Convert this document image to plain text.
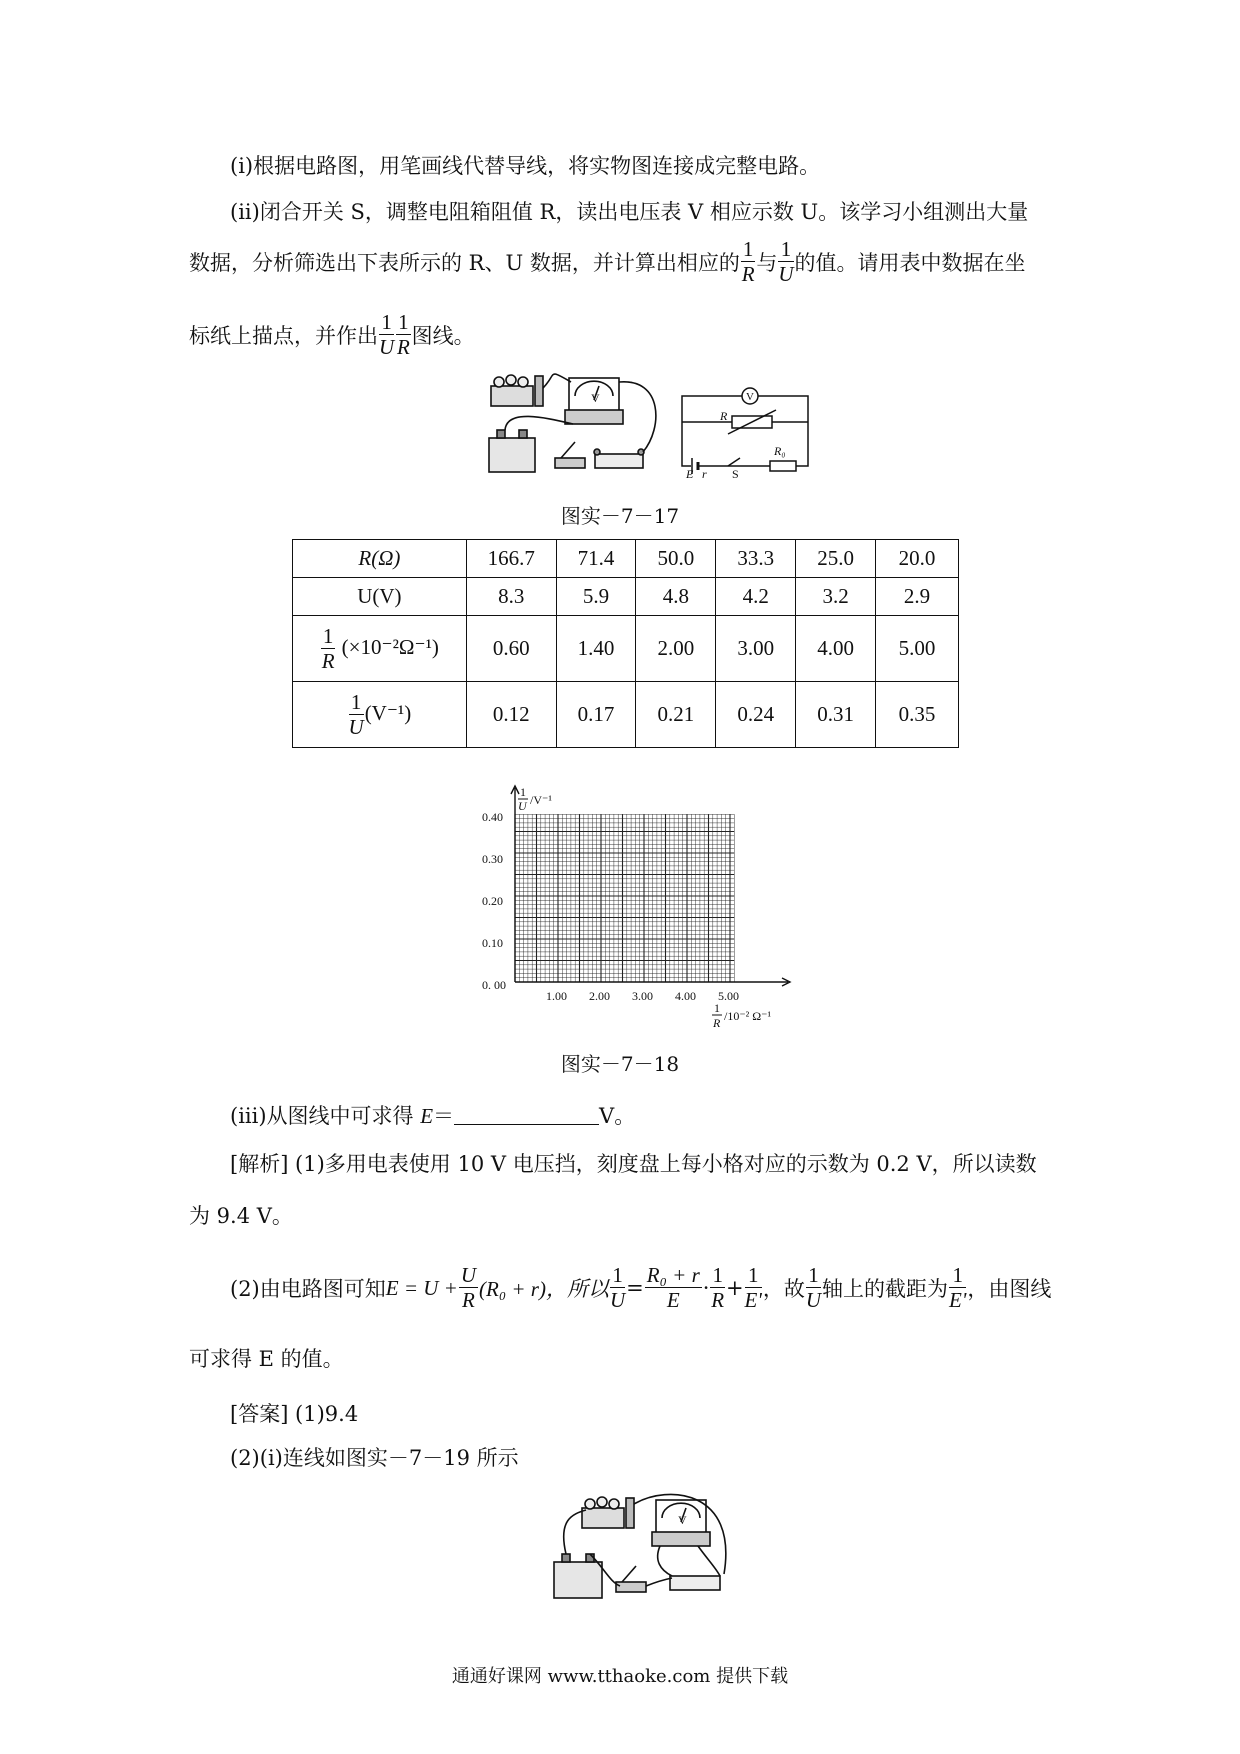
(i)根据电路图，用笔画线代替导线，将实物图连接成完整电路。
(ii)闭合开关 S，调整电阻箱阻值 R，读出电压表 V 相应示数 U。该学习小组测出大量
数据，分析筛选出下表所示的 R、U 数据，并计算出相应的 $\frac{1}{R}$ 与 $\frac{1}{U}$ 的值。请用表中数据在坐
标纸上描点，并作出 $\frac{1}{U} \frac{1}{R}$ 图线。
V	V
R
R₀
E r S
图实－7－17
R(Ω)	166.7	71.4	50.0	33.3	25.0	20.0
U(V)	8.3	5.9	4.8	4.2	3.2	2.9

$\frac{1}{R} (\times 10^{-2}\Omega^{-1})$	0.60	1.40	2.00	3.00	4.00	5.00

$\frac{1}{U} (V^{-1})$	0.12	0.17	0.21	0.24	0.31	0.35
1
U /V⁻¹
0.40
0.30
0.20
0.10
0. 00
1.00 2.00 3.00 4.00 5.00
1
R /10⁻² Ω⁻¹
图实－7－18
(iii)从图线中可求得 E＝	V。
[解析] (1)多用电表使用 10 V 电压挡，刻度盘上每小格对应的示数为 0.2 V，所以读数
为 9.4 V。
(2)由电路图可知 $E = U + \frac{U}{R} (R_0 + r)$，所以 $\frac{1}{U} = \frac{\text{R₀ + r}}{E} \cdot \frac{1}{R} + \frac{1}{E'}$ ，故 $\frac{1}{U}$ 轴上的截距为 $\frac{1}{E'}$ ，由图线
可求得 E 的值。
[答案] (1)9.4
(2)(i)连线如图实－7－19 所示
V
通通好课网 www.tthaoke.com 提供下载
